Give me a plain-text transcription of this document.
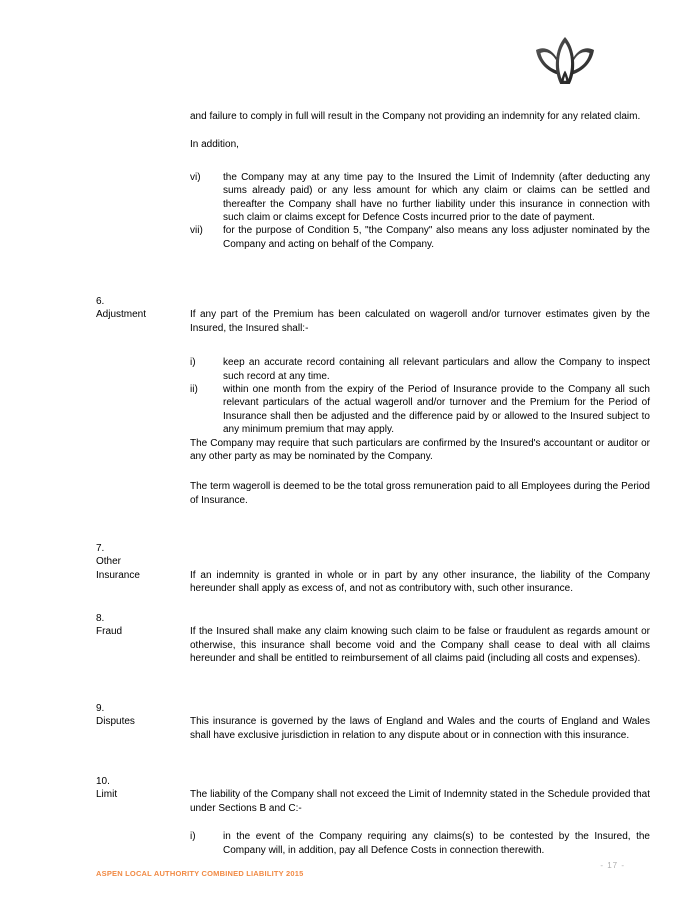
and failure to comply in full will result in the Company not providing an indemnity for any related claim.

In addition,

vi) the Company may at any time pay to the Insured the Limit of Indemnity (after deducting any sums already paid) or any less amount for which any claim or claims can be settled and thereafter the Company shall have no further liability under this insurance in connection with such claim or claims except for Defence Costs incurred prior to the date of payment.
vii) for the purpose of Condition 5, "the Company" also means any loss adjuster nominated by the Company and acting on behalf of the Company.
6.
Adjustment	If any part of the Premium has been calculated on wageroll and/or turnover estimates given by the Insured, the Insured shall:-

i)	keep an accurate record containing all relevant particulars and allow the Company to inspect such record at any time.
ii)	within one month from the expiry of the Period of Insurance provide to the Company all such relevant particulars of the actual wageroll and/or turnover and the Premium for the Period of Insurance shall then be adjusted and the difference paid by or allowed to the Insured subject to any minimum premium that may apply.

The Company may require that such particulars are confirmed by the Insured's accountant or auditor or any other party as may be nominated by the Company.

The term wageroll is deemed to be the total gross remuneration paid to all Employees during the Period of Insurance.

7.
Other
Insurance	If an indemnity is granted in whole or in part by any other insurance, the liability of the Company hereunder shall apply as excess of, and not as contributory with, such other insurance.

8.
Fraud	If the Insured shall make any claim knowing such claim to be false or fraudulent as regards amount or otherwise, this insurance shall become void and the Company shall cease to deal with all claims hereunder and shall be entitled to reimbursement of all claims paid (including all costs and expenses).

9.
Disputes	This insurance is governed by the laws of England and Wales and the courts of England and Wales shall have exclusive jurisdiction in relation to any dispute about or in connection with this insurance.

10.
Limit	The liability of the Company shall not exceed the Limit of Indemnity stated in the Schedule provided that under Sections B and C:-

i)	in the event of the Company requiring any claims(s) to be contested by the Insured, the Company will, in addition, pay all Defence Costs in connection therewith.
ASPEN LOCAL AUTHORITY COMBINED LIABILITY 2015
- 17 -
